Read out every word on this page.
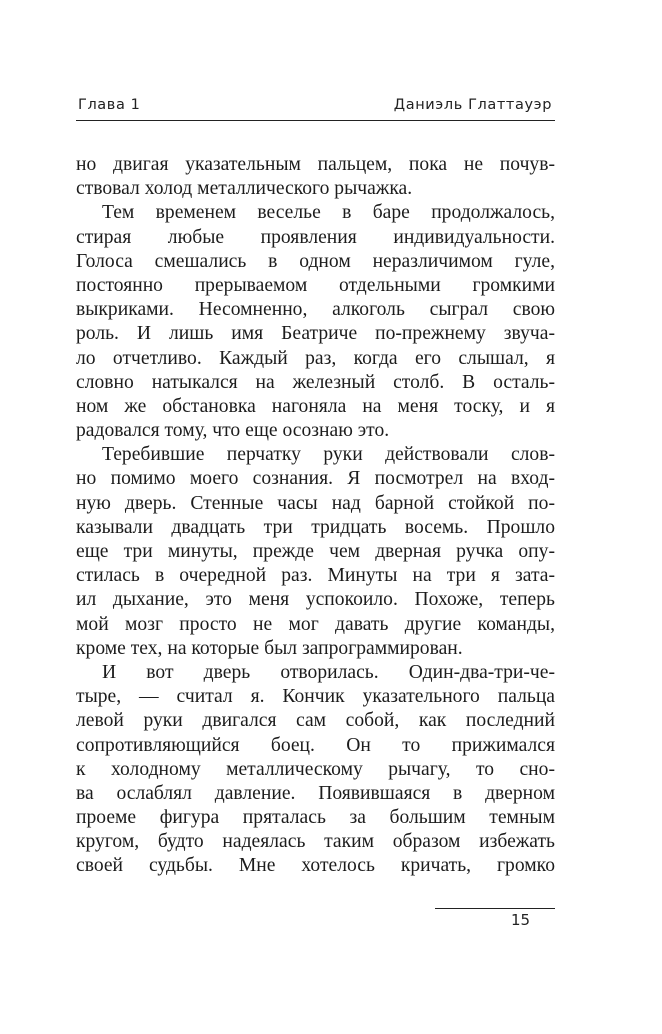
Глава 1	Даниэль Глаттауэр
но двигая указательным пальцем, пока не почув-
ствовал холод металлического рычажка.
Тем временем веселье в баре продолжалось,
стирая любые проявления индивидуальности.
Голоса смешались в одном неразличимом гуле,
постоянно прерываемом отдельными громкими
выкриками. Несомненно, алкоголь сыграл свою
роль. И лишь имя Беатриче по-прежнему звуча-
ло отчетливо. Каждый раз, когда его слышал, я
словно натыкался на железный столб. В осталь-
ном же обстановка нагоняла на меня тоску, и я
радовался тому, что еще осознаю это.
Теребившие перчатку руки действовали слов-
но помимо моего сознания. Я посмотрел на вход-
ную дверь. Стенные часы над барной стойкой по-
казывали двадцать три тридцать восемь. Прошло
еще три минуты, прежде чем дверная ручка опу-
стилась в очередной раз. Минуты на три я зата-
ил дыхание, это меня успокоило. Похоже, теперь
мой мозг просто не мог давать другие команды,
кроме тех, на которые был запрограммирован.
И вот дверь отворилась. Один-два-три-че-
тыре, — считал я. Кончик указательного пальца
левой руки двигался сам собой, как последний
сопротивляющийся боец. Он то прижимался
к холодному металлическому рычагу, то сно-
ва ослаблял давление. Появившаяся в дверном
проеме фигура пряталась за большим темным
кругом, будто надеялась таким образом избежать
своей судьбы. Мне хотелось кричать, громко
15
